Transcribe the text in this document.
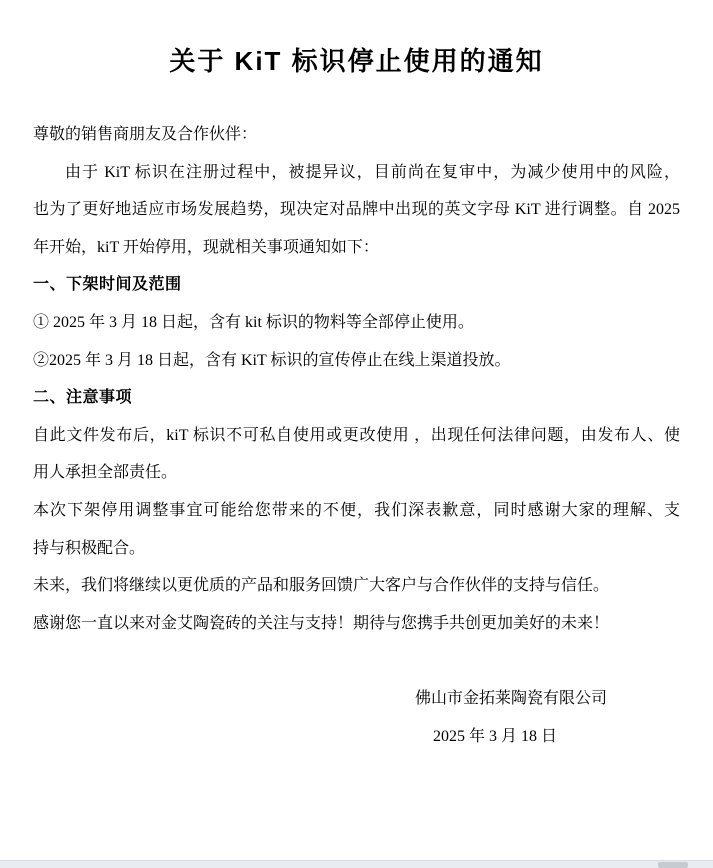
关于 KiT 标识停止使用的通知

尊敬的销售商朋友及合作伙伴：

由于 KiT 标识在注册过程中，被提异议，目前尚在复审中，为减少使用中的风险，

也为了更好地适应市场发展趋势，现决定对品牌中出现的英文字母 KiT 进行调整。自 2025

年开始，kiT 开始停用，现就相关事项通知如下：

一、下架时间及范围

① 2025 年 3 月 18 日起，含有 kit 标识的物料等全部停止使用。

②2025 年 3 月 18 日起，含有 KiT 标识的宣传停止在线上渠道投放。

二、注意事项

自此文件发布后，kiT 标识不可私自使用或更改使用 ，出现任何法律问题，由发布人、使

用人承担全部责任。

本次下架停用调整事宜可能给您带来的不便，我们深表歉意，同时感谢大家的理解、支

持与积极配合。

未来，我们将继续以更优质的产品和服务回馈广大客户与合作伙伴的支持与信任。

感谢您一直以来对金艾陶瓷砖的关注与支持！期待与您携手共创更加美好的未来！

佛山市金拓莱陶瓷有限公司

2025 年 3 月 18 日
